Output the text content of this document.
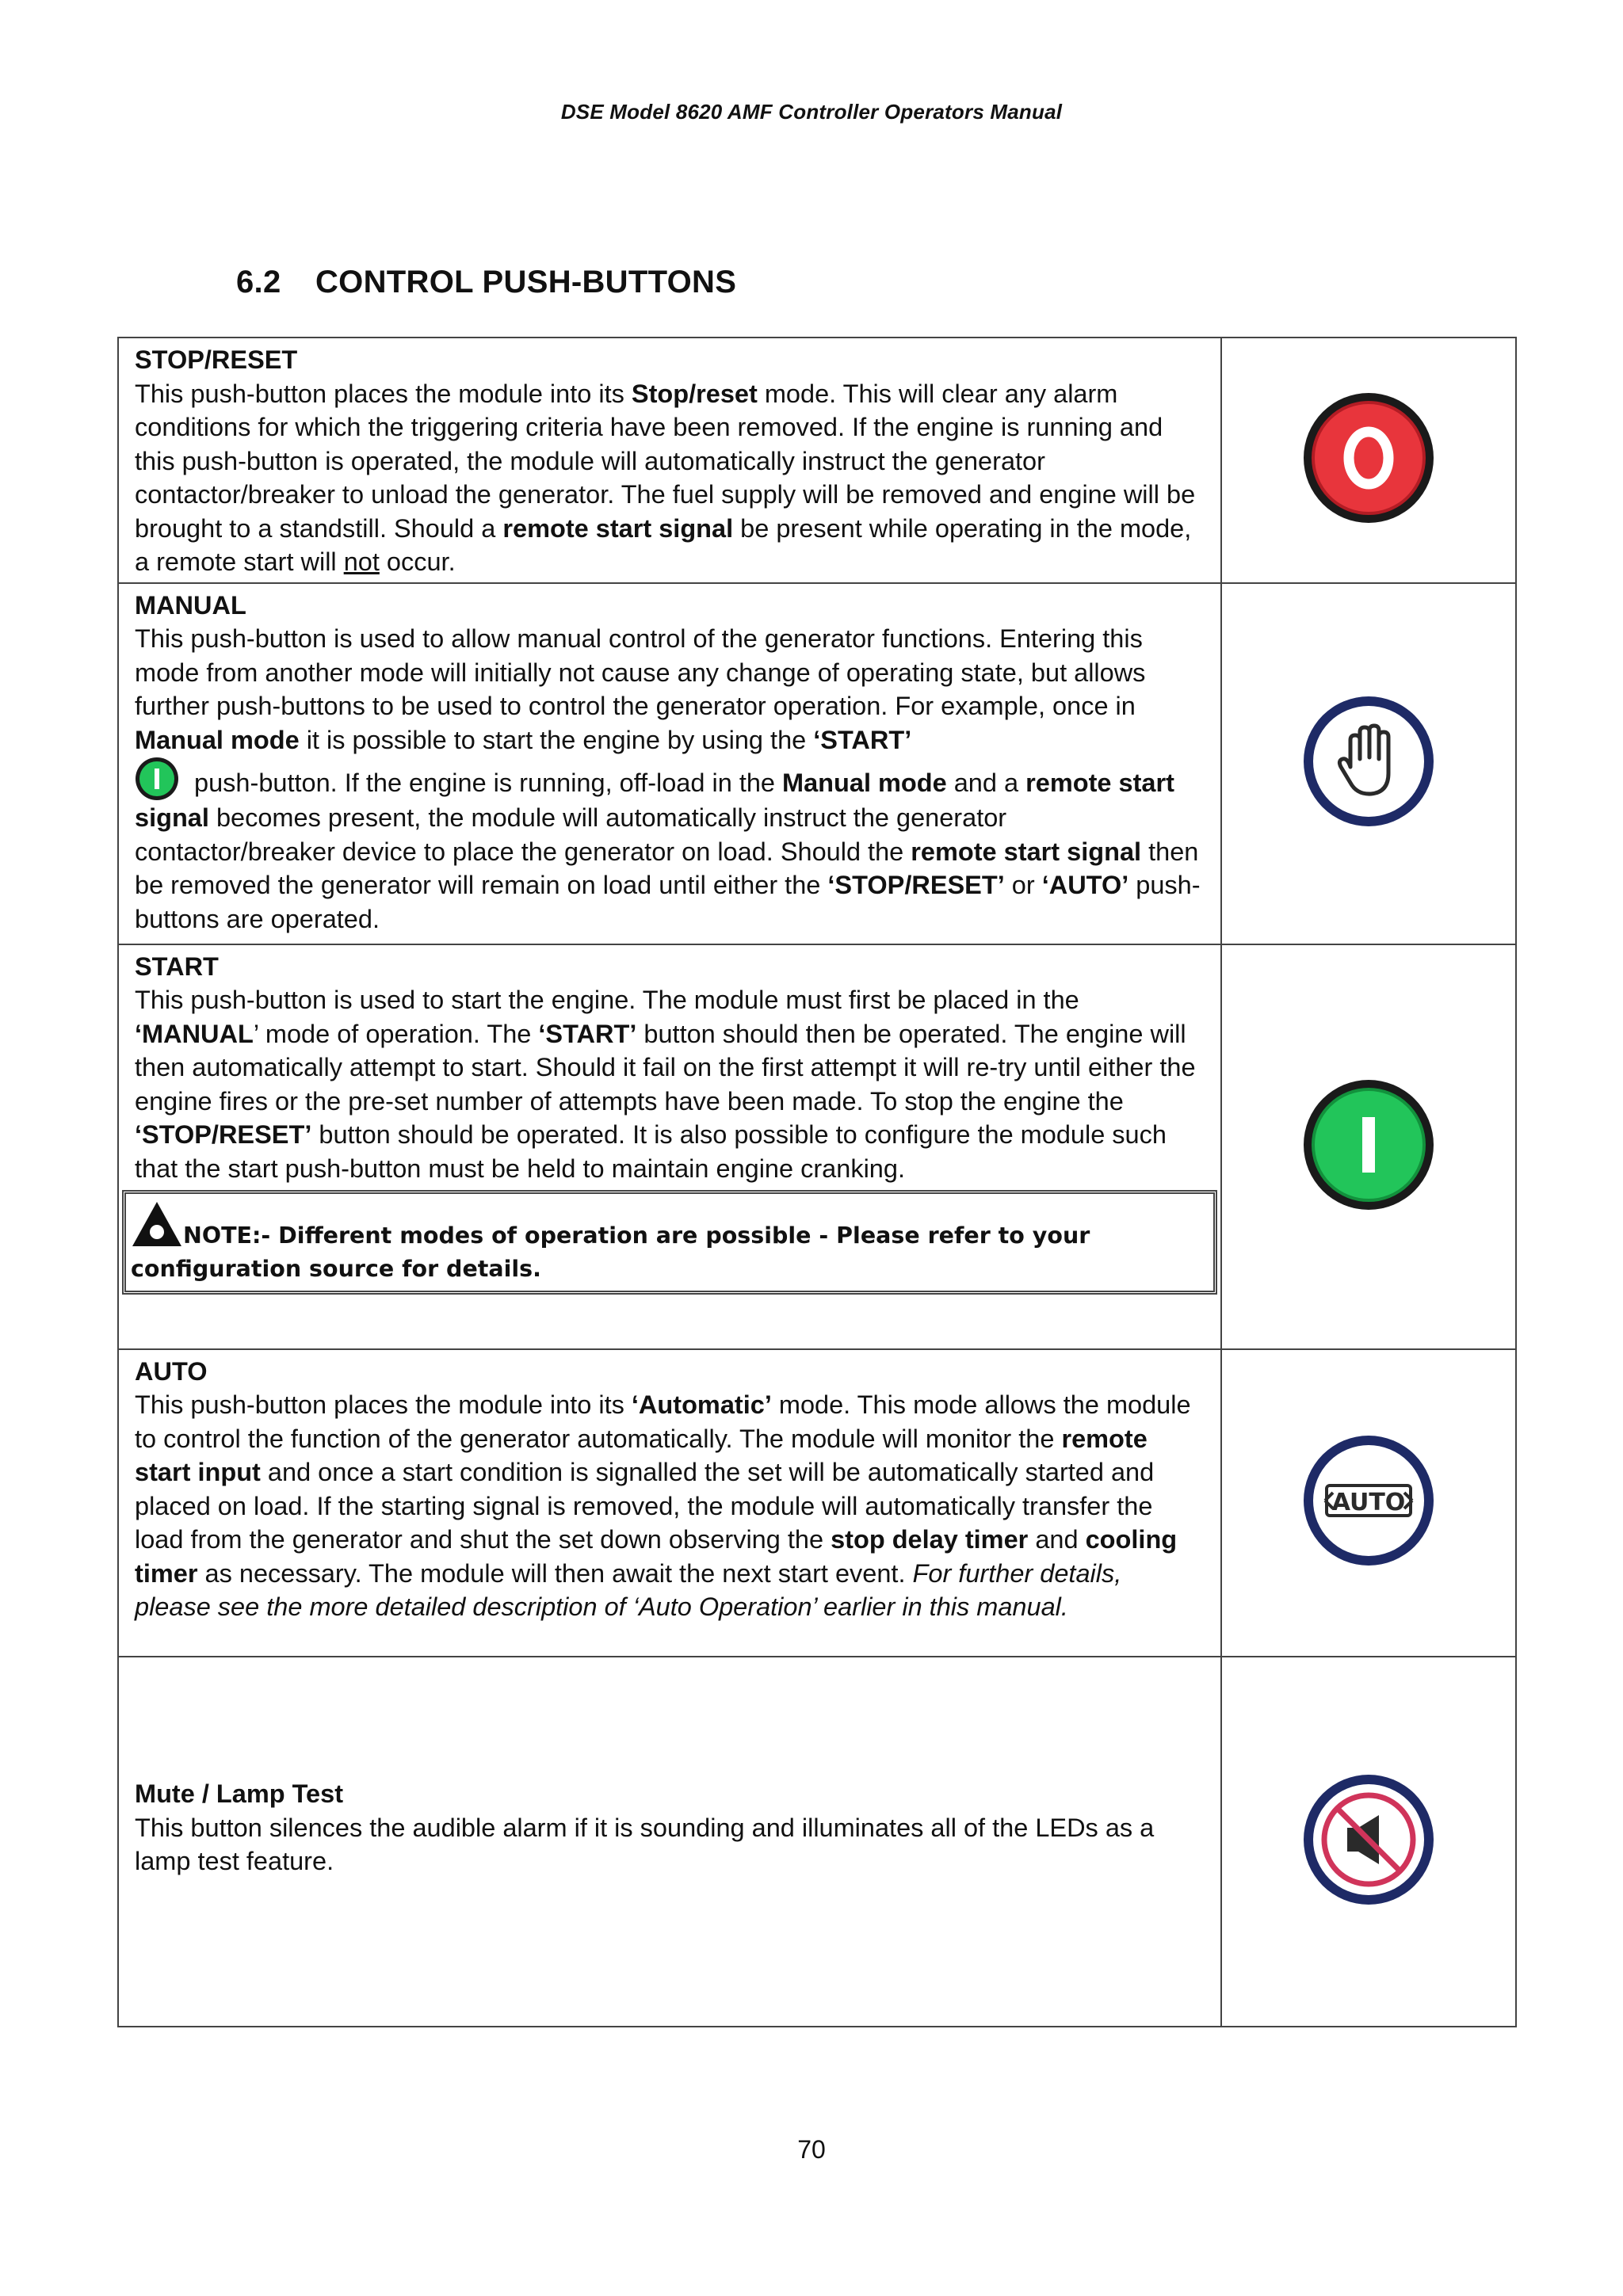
DSE Model 8620 AMF Controller Operators Manual
6.2 CONTROL PUSH-BUTTONS
STOP/RESET

This push-button places the module into its Stop/reset mode. This will clear any alarm conditions for which the triggering criteria have been removed. If the engine is running and this push-button is operated, the module will automatically instruct the generator contactor/breaker to unload the generator. The fuel supply will be removed and engine will be brought to a standstill. Should a remote start signal be present while operating in the mode, a remote start will not occur.

MANUAL

This push-button is used to allow manual control of the generator functions. Entering this mode from another mode will initially not cause any change of operating state, but allows further push-buttons to be used to control the generator operation. For example, once in Manual mode it is possible to start the engine by using the ‘START’
push-button. If the engine is running, off-load in the Manual mode and a remote start signal becomes present, the module will automatically instruct the generator contactor/breaker device to place the generator on load. Should the remote start signal then be removed the generator will remain on load until either the ‘STOP/RESET’ or ‘AUTO’ push-buttons are operated.

START

This push-button is used to start the engine. The module must first be placed in the ‘MANUAL’ mode of operation. The ‘START’ button should then be operated. The engine will then automatically attempt to start. Should it fail on the first attempt it will re-try until either the engine fires or the pre-set number of attempts have been made. To stop the engine the ‘STOP/RESET’ button should be operated. It is also possible to configure the module such that the start push-button must be held to maintain engine cranking.

NOTE:- Different modes of operation are possible - Please refer to your configuration source for details.

AUTO

This push-button places the module into its ‘Automatic’ mode. This mode allows the module to control the function of the generator automatically. The module will monitor the remote start input and once a start condition is signalled the set will be automatically started and placed on load. If the starting signal is removed, the module will automatically transfer the load from the generator and shut the set down observing the stop delay timer and cooling timer as necessary. The module will then await the next start event. For further details, please see the more detailed description of ‘Auto Operation’ earlier in this manual.	AUTO

Mute / Lamp Test

This button silences the audible alarm if it is sounding and illuminates all of the LEDs as a lamp test feature.

70
